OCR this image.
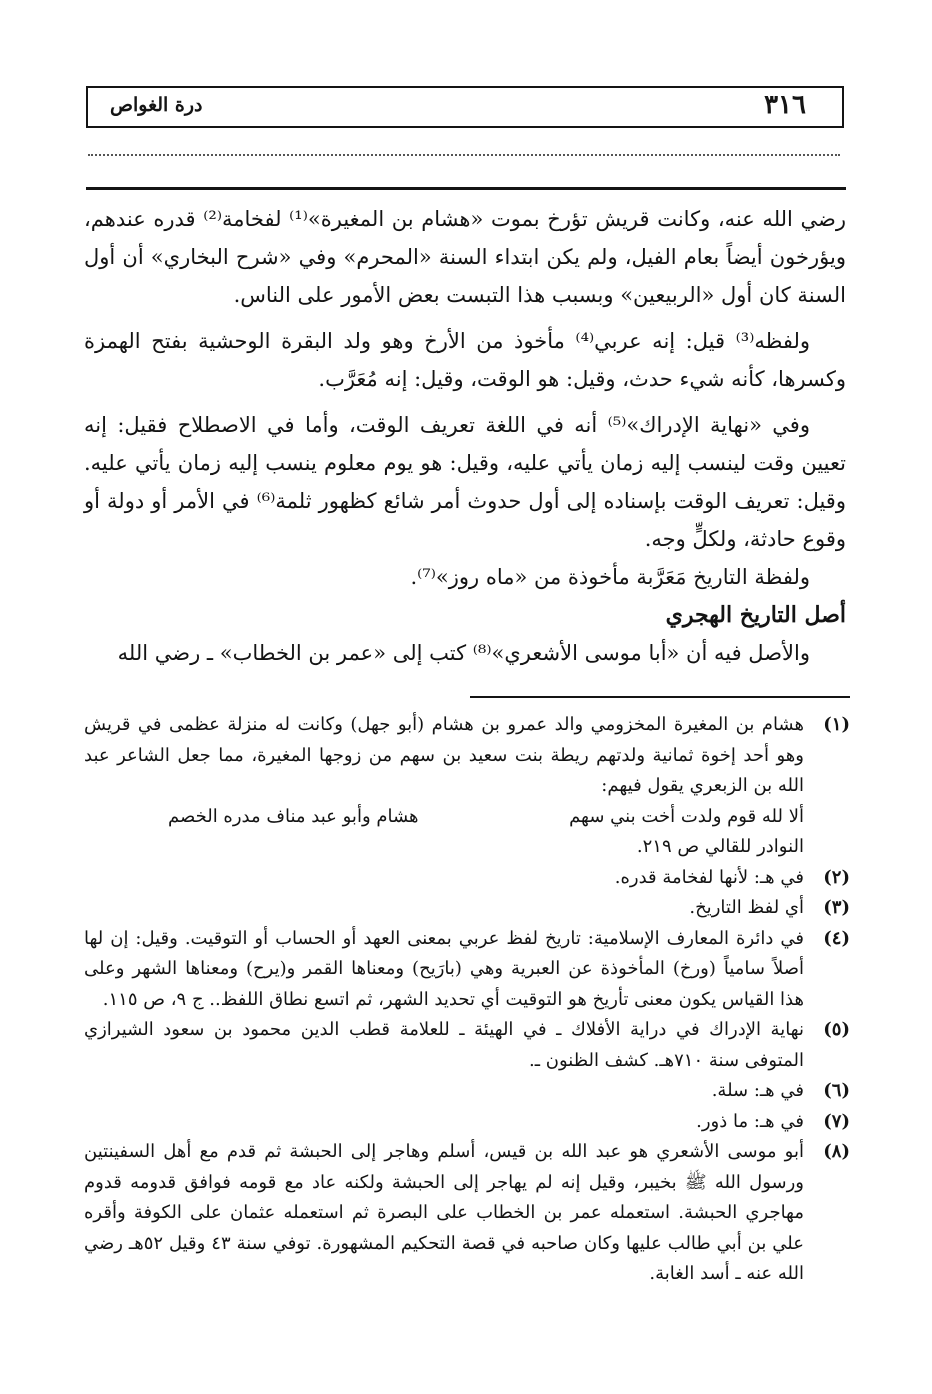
٣١٦
درة الغواص

رضي الله عنه، وكانت قريش تؤرخ بموت «هشام بن المغيرة»⁽¹⁾ لفخامة⁽²⁾ قدره عندهم، ويؤرخون أيضاً بعام الفيل، ولم يكن ابتداء السنة «المحرم» وفي «شرح البخاري» أن أول السنة كان أول «الربيعين» وبسبب هذا التبست بعض الأمور على الناس.

ولفظه⁽³⁾ قيل: إنه عربي⁽⁴⁾ مأخوذ من الأرخ وهو ولد البقرة الوحشية بفتح الهمزة وكسرها، كأنه شيء حدث، وقيل: هو الوقت، وقيل: إنه مُعَرَّب.

وفي «نهاية الإدراك»⁽⁵⁾ أنه في اللغة تعريف الوقت، وأما في الاصطلاح فقيل: إنه تعيين وقت لينسب إليه زمان يأتي عليه، وقيل: هو يوم معلوم ينسب إليه زمان يأتي عليه. وقيل: تعريف الوقت بإسناده إلى أول حدوث أمر شائع كظهور ثلمة⁽⁶⁾ في الأمر أو دولة أو وقوع حادثة، ولكلٍّ وجه.

ولفظة التاريخ مَعَرَّبة مأخوذة من «ماه روز»⁽⁷⁾.

أصل التاريخ الهجري

والأصل فيه أن «أبا موسى الأشعري»⁽⁸⁾ كتب إلى «عمر بن الخطاب» ـ رضي الله

(١)
هشام بن المغيرة المخزومي والد عمرو بن هشام (أبو جهل) وكانت له منزلة عظمى في قريش وهو أحد إخوة ثمانية ولدتهم ريطة بنت سعيد بن سهم من زوجها المغيرة، مما جعل الشاعر عبد الله بن الزبعري يقول فيهم:
ألا لله قوم ولدت أخت بني سهم
هشام وأبو عبد مناف مدره الخصم
النوادر للقالي ص ٢١٩.
(٢)
في هـ: لأنها لفخامة قدره.
(٣)
أي لفظ التاريخ.
(٤)
في دائرة المعارف الإسلامية: تاريخ لفظ عربي بمعنى العهد أو الحساب أو التوقيت. وقيل: إن لها أصلاً سامياً (ورخ) المأخوذة عن العبرية وهي (بارَيح) ومعناها القمر و(يرح) ومعناها الشهر وعلى هذا القياس يكون معنى تأريخ هو التوقيت أي تحديد الشهر، ثم اتسع نطاق اللفظ.. ج ٩، ص ١١٥.
(٥)
نهاية الإدراك في دراية الأفلاك ـ في الهيئة ـ للعلامة قطب الدين محمود بن سعود الشيرازي المتوفى سنة ٧١٠هـ. كشف الظنون ـ.
(٦)
في هـ: سلة.
(٧)
في هـ: ما ذور.
(٨)
أبو موسى الأشعري هو عبد الله بن قيس، أسلم وهاجر إلى الحبشة ثم قدم مع أهل السفينتين ورسول الله ﷺ بخيبر، وقيل إنه لم يهاجر إلى الحبشة ولكنه عاد مع قومه فوافق قدومه قدوم مهاجري الحبشة. استعمله عمر بن الخطاب على البصرة ثم استعمله عثمان على الكوفة وأقره علي بن أبي طالب عليها وكان صاحبه في قصة التحكيم المشهورة. توفي سنة ٤٣ وقيل ٥٢هـ رضي الله عنه ـ أسد الغابة.
